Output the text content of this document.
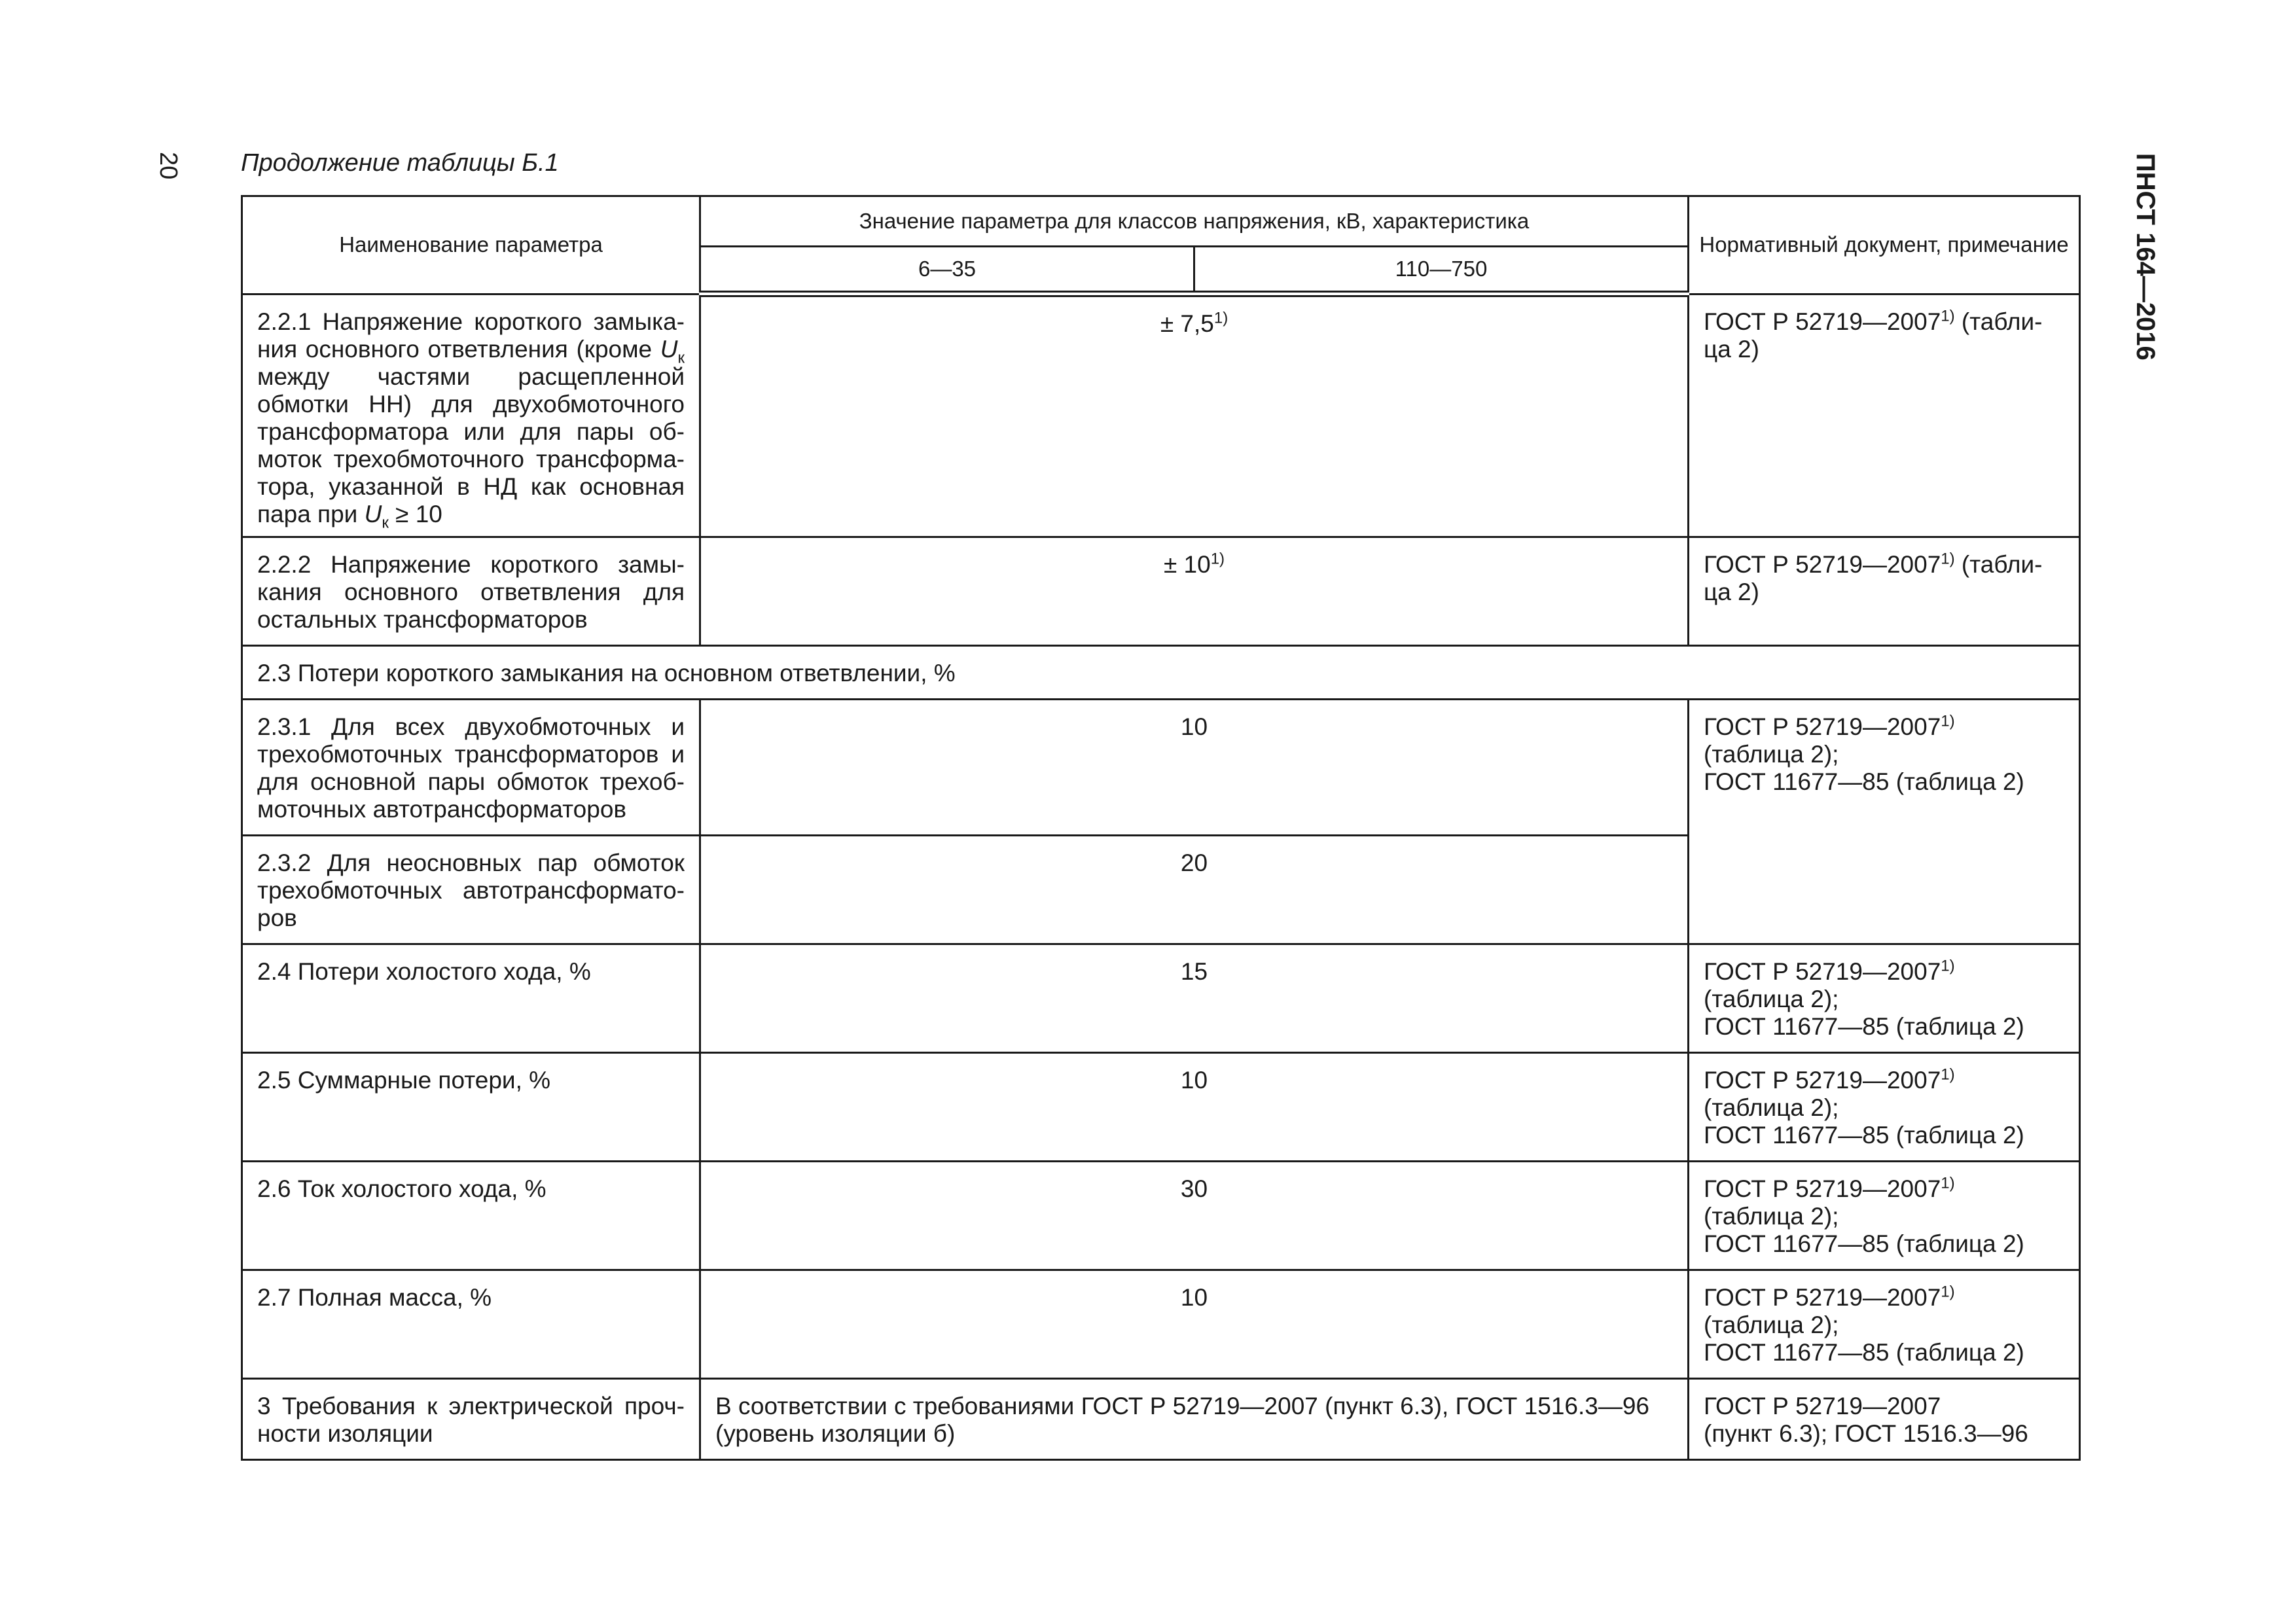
20 Продолжение таблицы Б.1	ПНСТ 164—2016
Наименование параметра	Значение параметра для классов напряжения, кВ, характеристика		Нормативный документ, примечание
	6—35	110—750	
2.2.1 Напряжение короткого замыка-ния основного ответвления (кроме $U_к$ между частями расщепленной обмотки НН) для двухобмоточного трансформатора или для пары об-моток трехобмоточного трансформа-тора, указанной в НД как основная пара при $U_к \ge 10$	± $7,5^{1)}$		ГОСТ Р 52719—2007$^{1)}$ (табли-ца 2)
2.2.2 Напряжение короткого замы-кания основного ответвления для остальных трансформаторов	± $10^{1)}$		ГОСТ Р 52719—2007$^{1)}$ (табли-ца 2)
2.3 Потери короткого замыкания на основном ответвлении, %			
2.3.1 Для всех двухобмоточных и трехобмоточных трансформаторов и для основной пары обмоток трехоб-моточных автотрансформаторов	10		ГОСТ Р 52719—2007$^{1)}$
(таблица 2);
ГОСТ 11677—85 (таблица 2)
2.3.2 Для неосновных пар обмоток трехобмоточных автотрансформато-ров	20		
2.4 Потери холостого хода, %	15		ГОСТ Р 52719—2007$^{1)}$
(таблица 2);
ГОСТ 11677—85 (таблица 2)
2.5 Суммарные потери, %	10		ГОСТ Р 52719—2007$^{1)}$
(таблица 2);
ГОСТ 11677—85 (таблица 2)
2.6 Ток холостого хода, %	30		ГОСТ Р 52719—2007$^{1)}$
(таблица 2);
ГОСТ 11677—85 (таблица 2)
2.7 Полная масса, %	10		ГОСТ Р 52719—2007$^{1)}$
(таблица 2);
ГОСТ 11677—85 (таблица 2)
3 Требования к электрической проч-ности изоляции	В соответствии с требованиями ГОСТ Р 52719—2007 (пункт 6.3), ГОСТ 1516.3—96 (уровень изоляции б)		ГОСТ Р 52719—2007
(пункт 6.3); ГОСТ 1516.3—96
